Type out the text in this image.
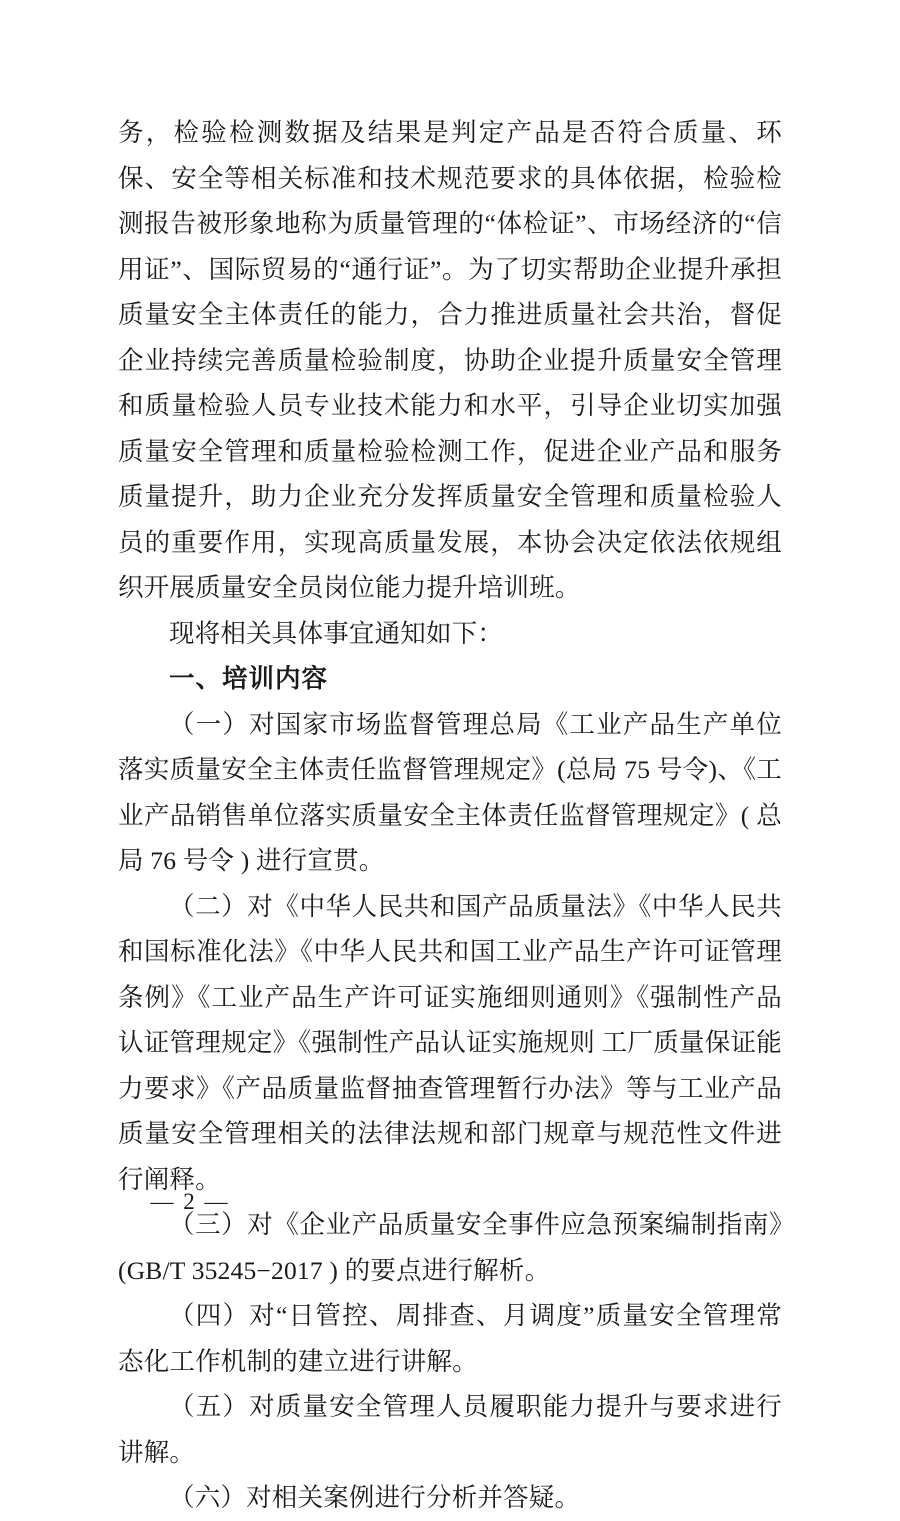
务，检验检测数据及结果是判定产品是否符合质量、环保、安全等相关标准和技术规范要求的具体依据，检验检测报告被形象地称为质量管理的“体检证”、市场经济的“信用证”、国际贸易的“通行证”。为了切实帮助企业提升承担质量安全主体责任的能力，合力推进质量社会共治，督促企业持续完善质量检验制度，协助企业提升质量安全管理和质量检验人员专业技术能力和水平，引导企业切实加强质量安全管理和质量检验检测工作，促进企业产品和服务质量提升，助力企业充分发挥质量安全管理和质量检验人员的重要作用，实现高质量发展，本协会决定依法依规组织开展质量安全员岗位能力提升培训班。

现将相关具体事宜通知如下：

一、培训内容

（一）对国家市场监督管理总局《工业产品生产单位落实质量安全主体责任监督管理规定》(总局 75 号令)、《工业产品销售单位落实质量安全主体责任监督管理规定》( 总局 76 号令 ) 进行宣贯。

（二）对《中华人民共和国产品质量法》《中华人民共和国标准化法》《中华人民共和国工业产品生产许可证管理条例》《工业产品生产许可证实施细则通则》《强制性产品认证管理规定》《强制性产品认证实施规则 工厂质量保证能力要求》《产品质量监督抽查管理暂行办法》等与工业产品质量安全管理相关的法律法规和部门规章与规范性文件进行阐释。

（三）对《企业产品质量安全事件应急预案编制指南》(GB/T 35245−2017 ) 的要点进行解析。

（四）对“日管控、周排查、月调度”质量安全管理常态化工作机制的建立进行讲解。

（五）对质量安全管理人员履职能力提升与要求进行讲解。

（六）对相关案例进行分析并答疑。

— 2 —
